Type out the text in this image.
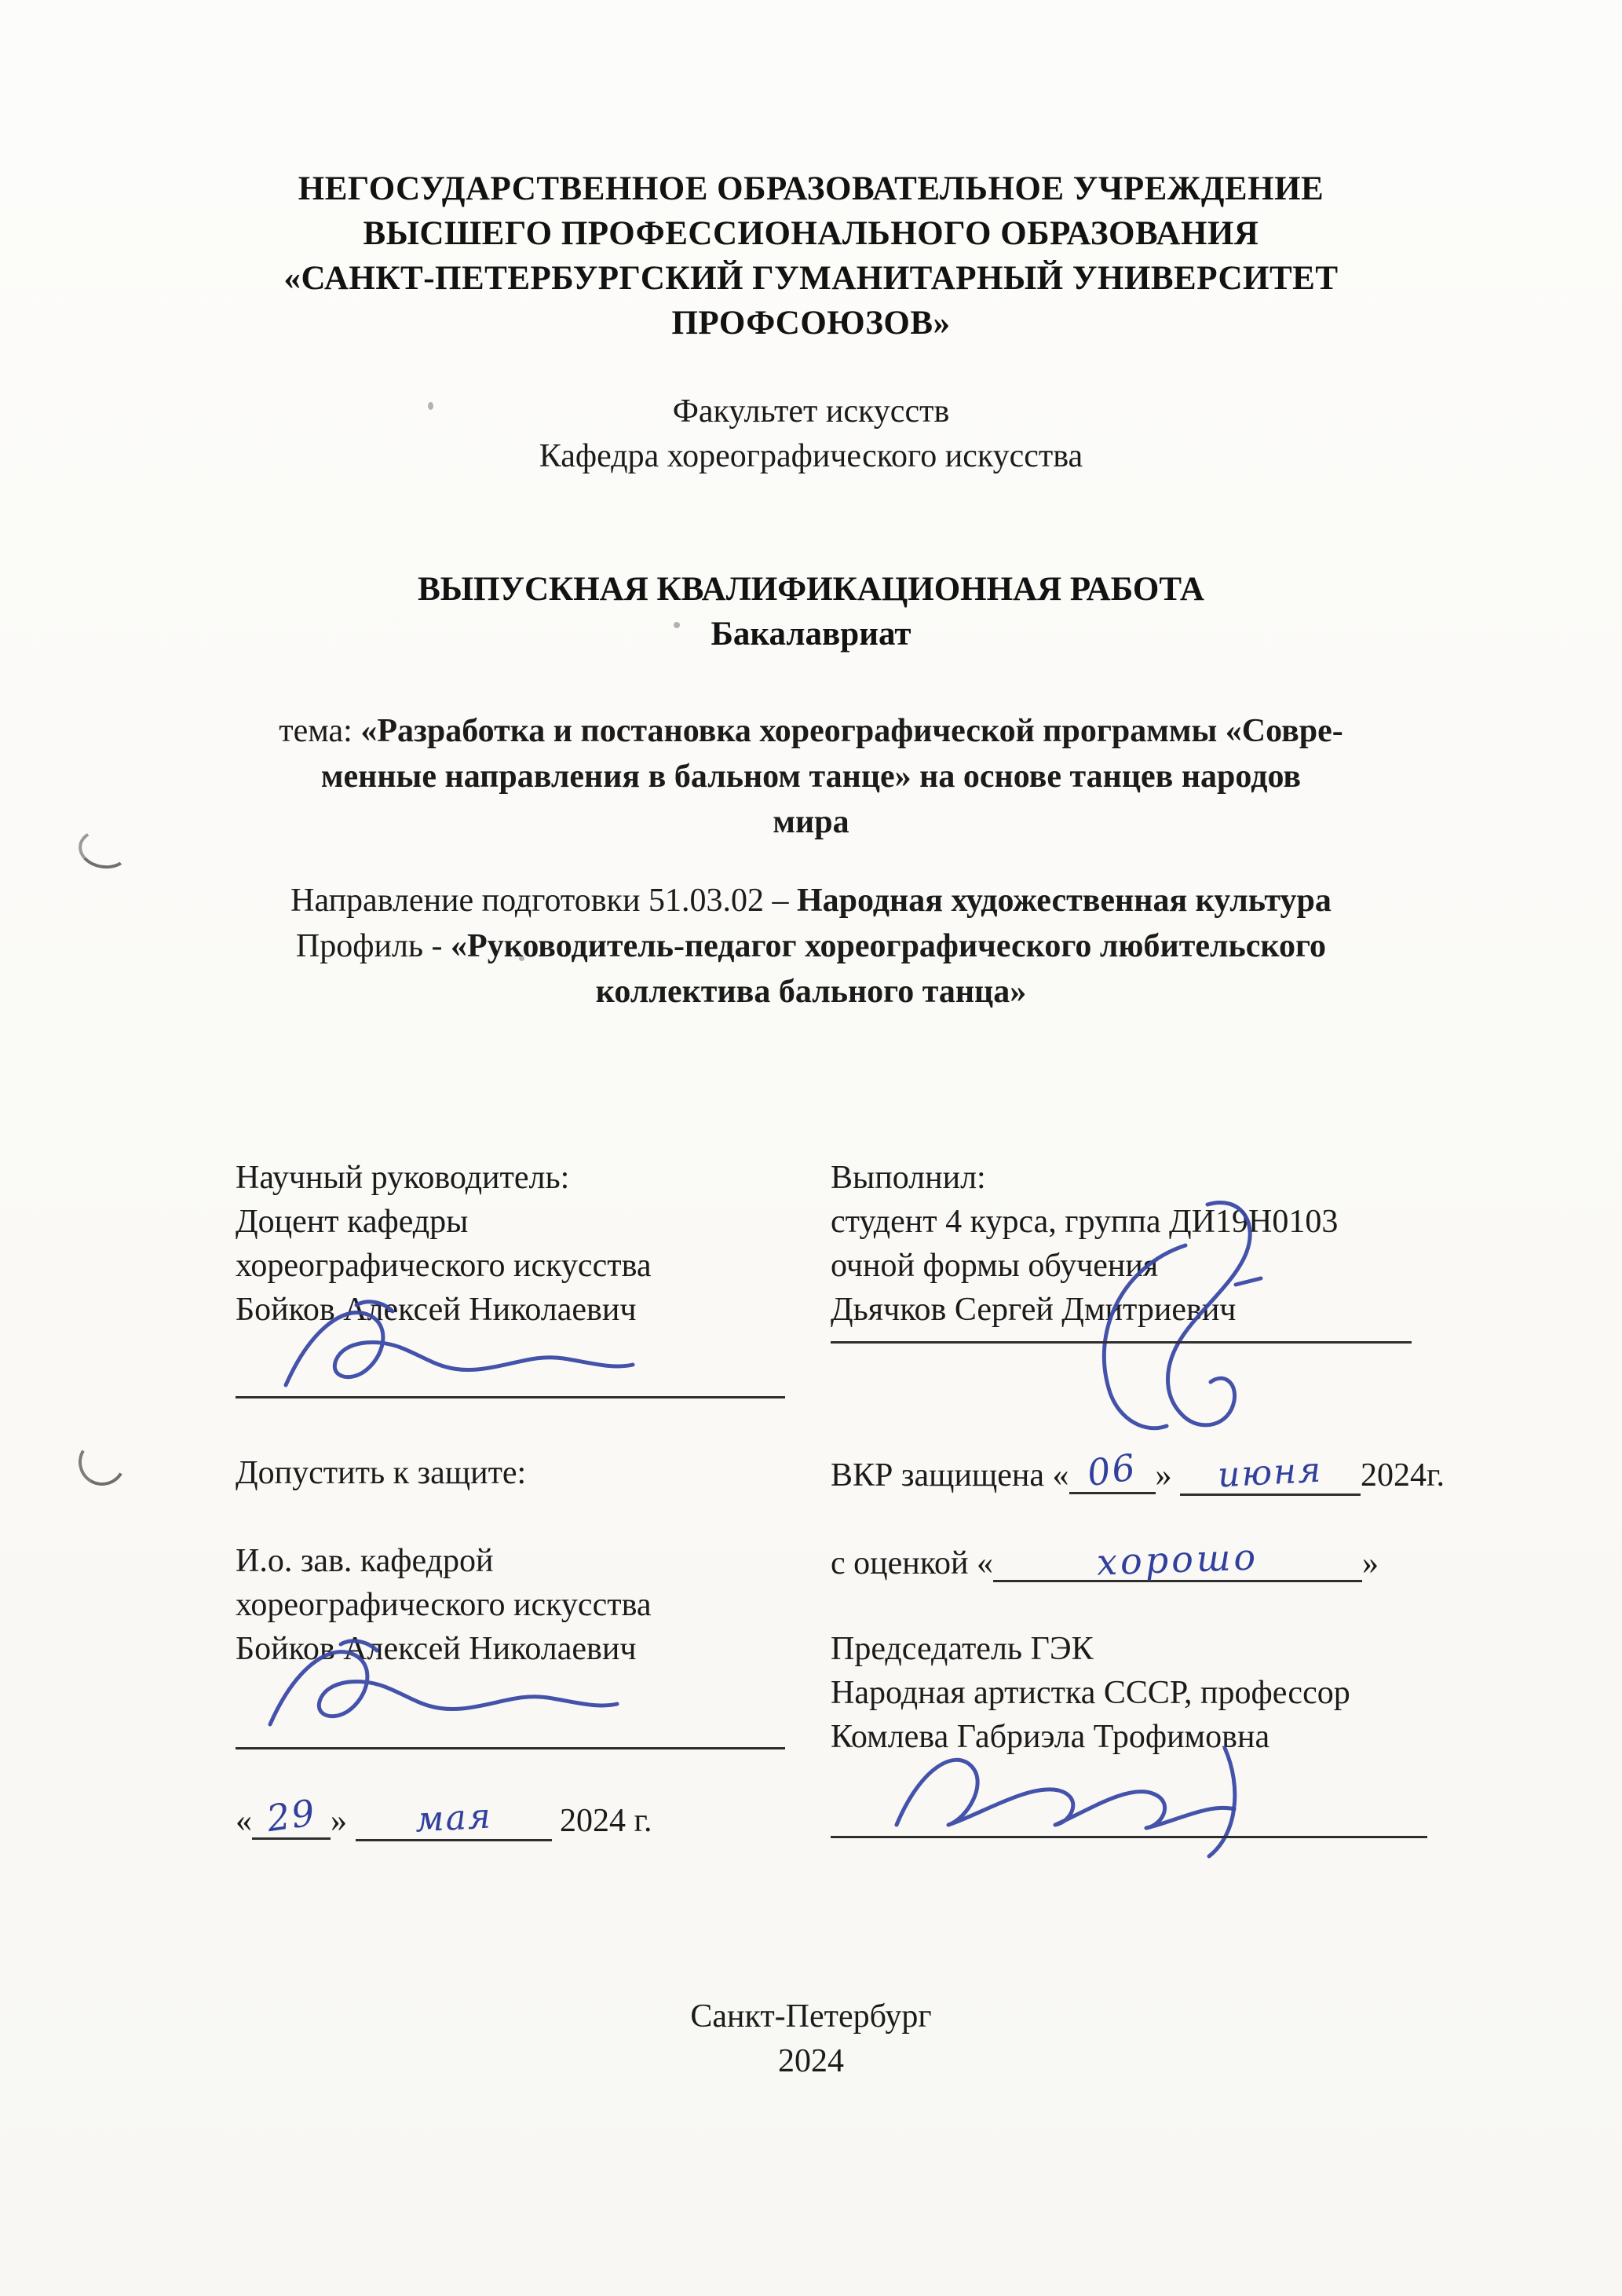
НЕГОСУДАРСТВЕННОЕ ОБРАЗОВАТЕЛЬНОЕ УЧРЕЖДЕНИЕ
ВЫСШЕГО ПРОФЕССИОНАЛЬНОГО ОБРАЗОВАНИЯ
«САНКТ-ПЕТЕРБУРГСКИЙ ГУМАНИТАРНЫЙ УНИВЕРСИТЕТ
ПРОФСОЮЗОВ»
Факультет искусств
Кафедра хореографического искусства
ВЫПУСКНАЯ КВАЛИФИКАЦИОННАЯ РАБОТА
Бакалавриат
тема: «Разработка и постановка хореографической программы «Совре-
менные направления в бальном танце» на основе танцев народов
мира
Направление подготовки 51.03.02 – Народная художественная культура
Профиль - «Руководитель-педагог хореографического любительского
коллектива бального танца»
Научный руководитель:
Доцент кафедры
хореографического искусства
Бойков Алексей Николаевич
Допустить к защите:
И.о. зав. кафедрой
хореографического искусства
Бойков Алексей Николаевич
« 29 » мая 2024 г.
Выполнил:
студент 4 курса, группа ДИ19Н0103
очной формы обучения
Дьячков Сергей Дмитриевич
ВКР защищена « 06 » июня 2024г.
с оценкой «	хорошо	»
Председатель ГЭК
Народная артистка СССР, профессор
Комлева Габриэла Трофимовна
Санкт-Петербург
2024
